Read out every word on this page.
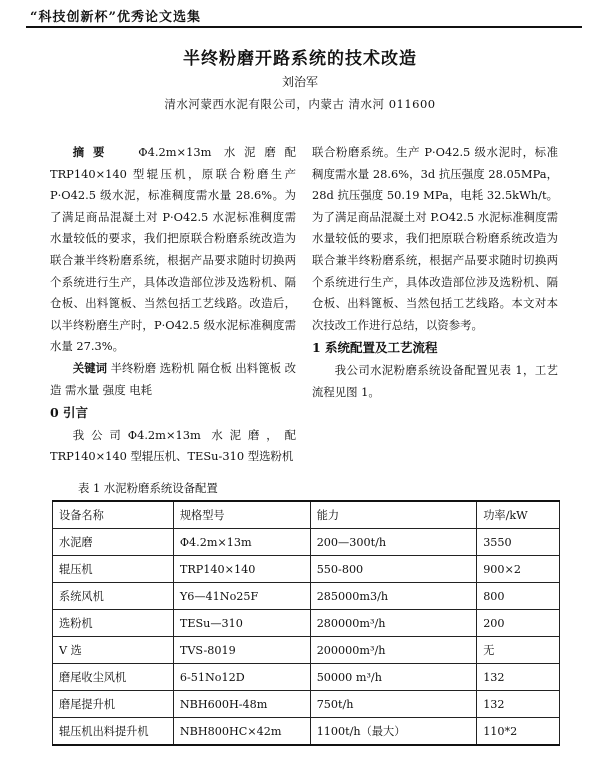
“科技创新杯”优秀论文选集
半终粉磨开路系统的技术改造
刘治军
清水河蒙西水泥有限公司，内蒙古 清水河 011600

摘要 Φ4.2m×13m 水泥磨配 TRP140×140 型辊压机，原联合粉磨生产 P·O42.5 级水泥，标准稠度需水量 28.6%。为了满足商品混凝土对 P·O42.5 水泥标准稠度需水量较低的要求，我们把原联合粉磨系统改造为联合兼半终粉磨系统，根据产品要求随时切换两个系统进行生产，具体改造部位涉及选粉机、隔仓板、出料篦板、当然包括工艺线路。改造后，以半终粉磨生产时，P·O42.5 级水泥标准稠度需水量 27.3%。

关键词 半终粉磨 选粉机 隔仓板 出料篦板 改造 需水量 强度 电耗

0 引言

我公司Φ4.2m×13m 水泥磨，配 TRP140×140 型辊压机、TESu-310 型选粉机

联合粉磨系统。生产 P·O42.5 级水泥时，标准稠度需水量 28.6%，3d 抗压强度 28.05MPa，28d 抗压强度 50.19 MPa，电耗 32.5kWh/t。为了满足商品混凝土对 P.O42.5 水泥标准稠度需水量较低的要求，我们把原联合粉磨系统改造为联合兼半终粉磨系统，根据产品要求随时切换两个系统进行生产，具体改造部位涉及选粉机、隔仓板、出料篦板、当然包括工艺线路。本文对本次技改工作进行总结，以资参考。

1 系统配置及工艺流程

我公司水泥粉磨系统设备配置见表 1，工艺流程见图 1。

表 1 水泥粉磨系统设备配置
设备名称	规格型号	能力	功率/kW
水泥磨	Φ4.2m×13m	200—300t/h	3550
辊压机	TRP140×140	550-800	900×2
系统风机	Y6—41No25F	285000m3/h	800
选粉机	TESu—310	280000m³/h	200
V 选	TVS-8019	200000m³/h	无
磨尾收尘风机	6-51No12D	50000 m³/h	132
磨尾提升机	NBH600H-48m	750t/h	132
辊压机出料提升机	NBH800HC×42m	1100t/h（最大）	110*2
